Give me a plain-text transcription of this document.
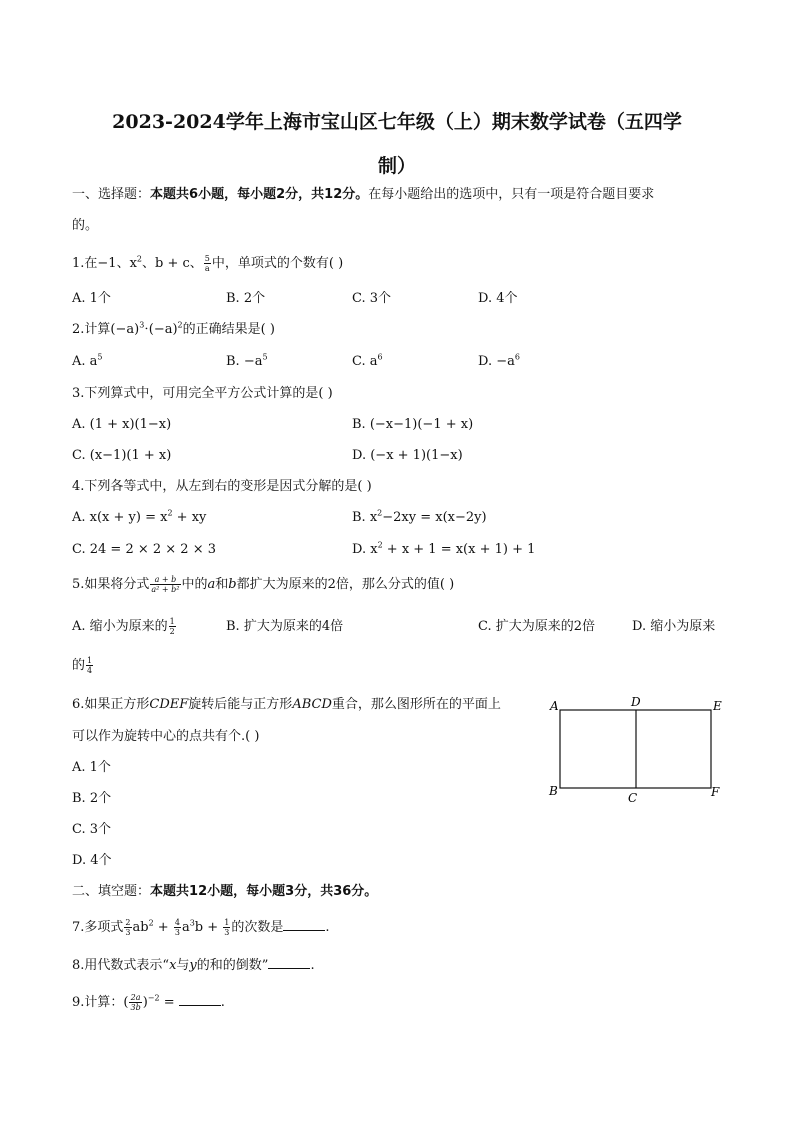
2023-2024学年上海市宝山区七年级（上）期末数学试卷（五四学
制）
一、选择题：本题共6小题，每小题2分，共12分。在每小题给出的选项中，只有一项是符合题目要求
的。
1.在−1、$x^2$、b + c、 $\frac{5}{a}$ 中，单项式的个数有( )
A. 1个	B. 2个	C. 3个	D. 4个
2.计算$(-a)^3\cdot(-a)^2$的正确结果是( )
A. $a^5$	B. $-a^5$	C. $a^6$	D. $-a^6$
3.下列算式中，可用完全平方公式计算的是( )
A. (1 + x)(1−x)	B. (−x−1)(−1 + x)
C. (x−1)(1 + x)	D. (−x + 1)(1−x)
4.下列各等式中，从左到右的变形是因式分解的是( )
A. $x(x + y) = x^2$ + xy	B. $x^2-2xy = x(x-2y)$
C. 24 = 2 × 2 × 2 × 3	D. $x^2 + x + 1 = x(x + 1) + 1$
5.如果将分式 $\frac{a + b}{\text{a² + b²}}$ 中的a和b都扩大为原来的2倍，那么分式的值( )
A. 缩小为原来的 $\frac{1}{2}$	B. 扩大为原来的4倍	C. 扩大为原来的2倍	D. 缩小为原来
的 $\frac{1}{4}$
6.如果正方形CDEF旋转后能与正方形ABCD重合，那么图形所在的平面上
可以作为旋转中心的点共有个.( )
A. 1个
B. 2个
C. 3个
D. 4个
A	D	E
B	C	F
二、填空题：本题共12小题，每小题3分，共36分。
7.多项式 $\frac{2}{3} ab^2 + \frac{4}{3} a^3b + \frac{1}{3}$ 的次数是	.
8.用代数式表示“x与y的和的倒数”	.
9.计算：( $\frac{2a}{3b} )^{-2}$ =	.
